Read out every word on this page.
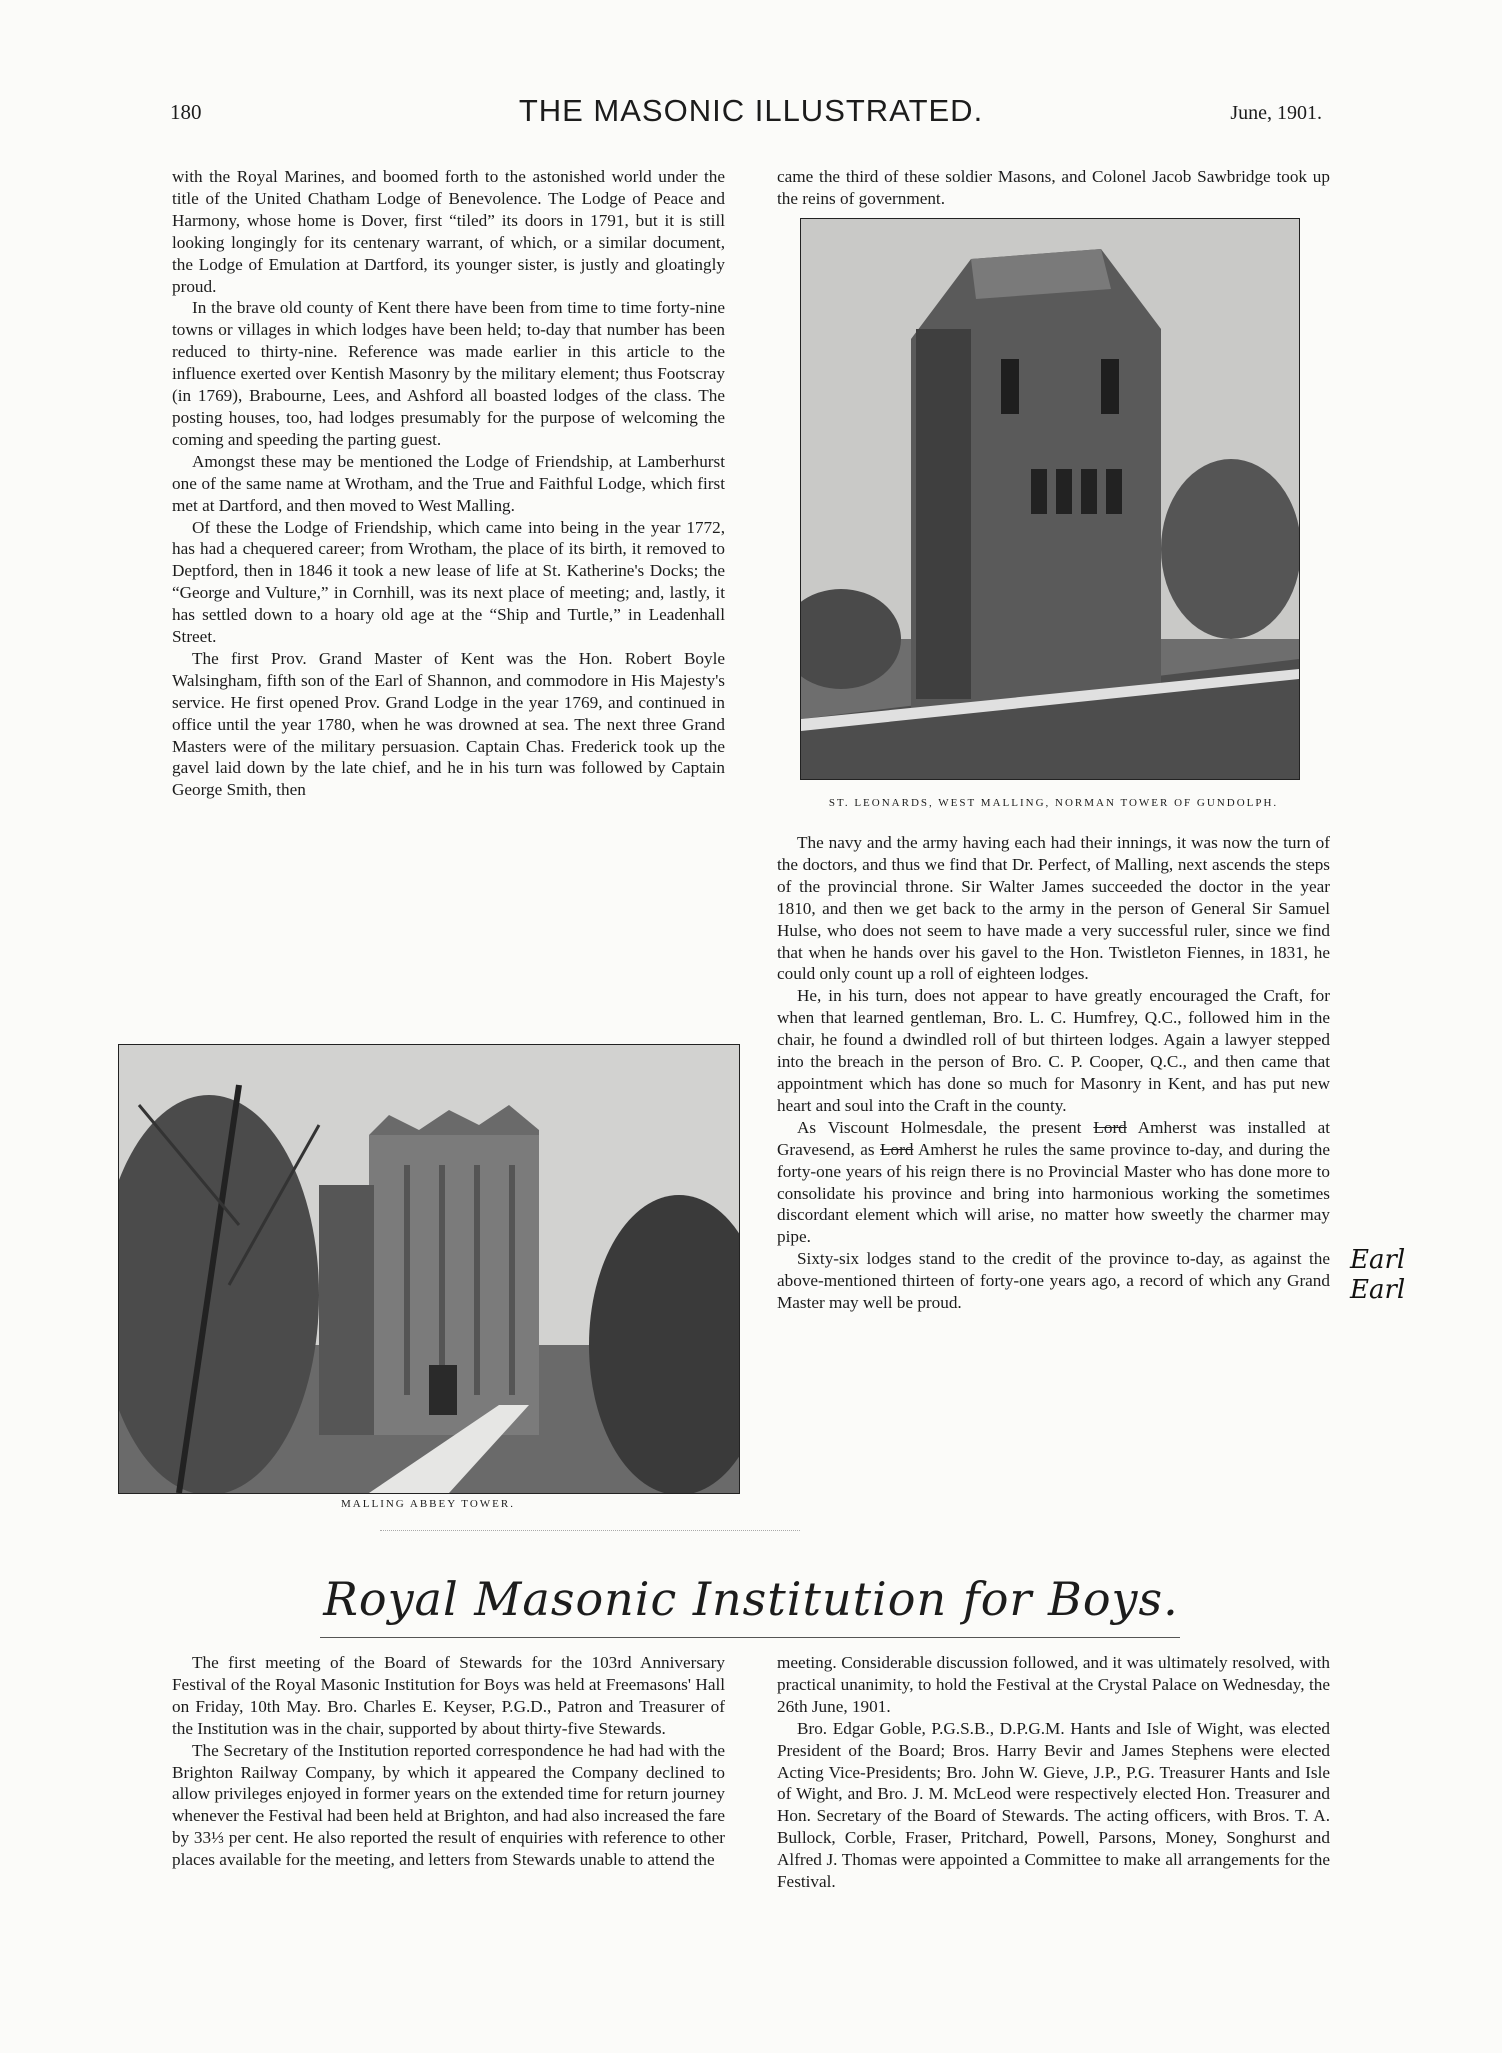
180	THE MASONIC ILLUSTRATED.	June, 1901.

with the Royal Marines, and boomed forth to the astonished world under the title of the United Chatham Lodge of Benevolence. The Lodge of Peace and Harmony, whose home is Dover, first “tiled” its doors in 1791, but it is still looking longingly for its centenary warrant, of which, or a similar document, the Lodge of Emulation at Dartford, its younger sister, is justly and gloatingly proud.

In the brave old county of Kent there have been from time to time forty-nine towns or villages in which lodges have been held; to-day that number has been reduced to thirty-nine. Reference was made earlier in this article to the influence exerted over Kentish Masonry by the military element; thus Footscray (in 1769), Brabourne, Lees, and Ashford all boasted lodges of the class. The posting houses, too, had lodges presumably for the purpose of welcoming the coming and speeding the parting guest.

Amongst these may be mentioned the Lodge of Friendship, at Lamberhurst one of the same name at Wrotham, and the True and Faithful Lodge, which first met at Dartford, and then moved to West Malling.

Of these the Lodge of Friendship, which came into being in the year 1772, has had a chequered career; from Wrotham, the place of its birth, it removed to Deptford, then in 1846 it took a new lease of life at St. Katherine's Docks; the “George and Vulture,” in Cornhill, was its next place of meeting; and, lastly, it has settled down to a hoary old age at the “Ship and Turtle,” in Leadenhall Street.

The first Prov. Grand Master of Kent was the Hon. Robert Boyle Walsingham, fifth son of the Earl of Shannon, and commodore in His Majesty's service. He first opened Prov. Grand Lodge in the year 1769, and continued in office until the year 1780, when he was drowned at sea. The next three Grand Masters were of the military persuasion. Captain Chas. Frederick took up the gavel laid down by the late chief, and he in his turn was followed by Captain George Smith, then

came the third of these soldier Masons, and Colonel Jacob Sawbridge took up the reins of government.

ST. LEONARDS, WEST MALLING, NORMAN TOWER OF GUNDOLPH.

The navy and the army having each had their innings, it was now the turn of the doctors, and thus we find that Dr. Perfect, of Malling, next ascends the steps of the provincial throne. Sir Walter James succeeded the doctor in the year 1810, and then we get back to the army in the person of General Sir Samuel Hulse, who does not seem to have made a very successful ruler, since we find that when he hands over his gavel to the Hon. Twistleton Fiennes, in 1831, he could only count up a roll of eighteen lodges.

He, in his turn, does not appear to have greatly encouraged the Craft, for when that learned gentleman, Bro. L. C. Humfrey, Q.C., followed him in the chair, he found a dwindled roll of but thirteen lodges. Again a lawyer stepped into the breach in the person of Bro. C. P. Cooper, Q.C., and then came that appointment which has done so much for Masonry in Kent, and has put new heart and soul into the Craft in the county.

As Viscount Holmesdale, the present Lord Amherst was installed at Gravesend, as Lord Amherst he rules the same province to-day, and during the forty-one years of his reign there is no Provincial Master who has done more to consolidate his province and bring into harmonious working the sometimes discordant element which will arise, no matter how sweetly the charmer may pipe.

Sixty-six lodges stand to the credit of the province to-day, as against the above-mentioned thirteen of forty-one years ago, a record of which any Grand Master may well be proud.

Earl
Earl
MALLING ABBEY TOWER.
Royal Masonic Institution for Boys.

The first meeting of the Board of Stewards for the 103rd Anniversary Festival of the Royal Masonic Institution for Boys was held at Freemasons' Hall on Friday, 10th May. Bro. Charles E. Keyser, P.G.D., Patron and Treasurer of the Institution was in the chair, supported by about thirty-five Stewards.

The Secretary of the Institution reported correspondence he had had with the Brighton Railway Company, by which it appeared the Company declined to allow privileges enjoyed in former years on the extended time for return journey whenever the Festival had been held at Brighton, and had also increased the fare by 33⅓ per cent. He also reported the result of enquiries with reference to other places available for the meeting, and letters from Stewards unable to attend the

meeting. Considerable discussion followed, and it was ultimately resolved, with practical unanimity, to hold the Festival at the Crystal Palace on Wednesday, the 26th June, 1901.

Bro. Edgar Goble, P.G.S.B., D.P.G.M. Hants and Isle of Wight, was elected President of the Board; Bros. Harry Bevir and James Stephens were elected Acting Vice-Presidents; Bro. John W. Gieve, J.P., P.G. Treasurer Hants and Isle of Wight, and Bro. J. M. McLeod were respectively elected Hon. Treasurer and Hon. Secretary of the Board of Stewards. The acting officers, with Bros. T. A. Bullock, Corble, Fraser, Pritchard, Powell, Parsons, Money, Songhurst and Alfred J. Thomas were appointed a Committee to make all arrangements for the Festival.
